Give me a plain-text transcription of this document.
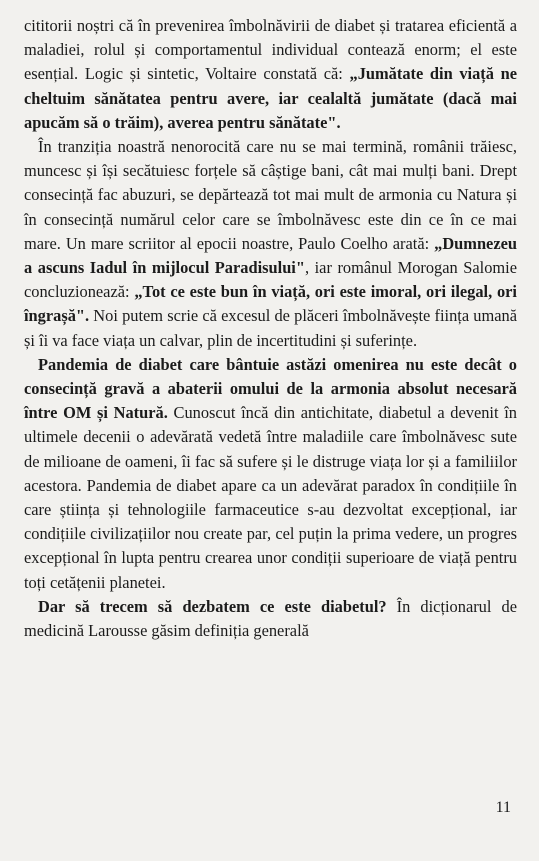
cititorii noștri că în prevenirea îmbolnăvirii de diabet și tratarea eficientă a maladiei, rolul și comportamentul individual contează enorm; el este esențial. Logic și sintetic, Voltaire constată că: „Jumătate din viață ne cheltuim sănătatea pentru avere, iar cealaltă jumătate (dacă mai apucăm să o trăim), averea pentru sănătate".

În tranziția noastră nenorocită care nu se mai termină, românii trăiesc, muncesc și își secătuiesc forțele să câștige bani, cât mai mulți bani. Drept consecință fac abuzuri, se depărtează tot mai mult de armonia cu Natura și în consecință numărul celor care se îmbolnăvesc este din ce în ce mai mare. Un mare scriitor al epocii noastre, Paulo Coelho arată: „Dumnezeu a ascuns Iadul în mijlocul Paradisului", iar românul Morogan Salomie concluzionează: „Tot ce este bun în viață, ori este imoral, ori ilegal, ori îngrașă". Noi putem scrie că excesul de plăceri îmbolnăvește ființa umană și îi va face viața un calvar, plin de incertitudini și suferințe.

Pandemia de diabet care bântuie astăzi omenirea nu este decât o consecință gravă a abaterii omului de la armonia absolut necesară între OM și Natură. Cunoscut încă din antichitate, diabetul a devenit în ultimele decenii o adevărată vedetă între maladiile care îmbolnăvesc sute de milioane de oameni, îi fac să sufere și le distruge viața lor și a familiilor acestora. Pandemia de diabet apare ca un adevărat paradox în condițiile în care știința și tehnologiile farmaceutice s-au dezvoltat excepțional, iar condițiile civilizațiilor nou create par, cel puțin la prima vedere, un progres excepțional în lupta pentru crearea unor condiții superioare de viață pentru toți cetățenii planetei.

Dar să trecem să dezbatem ce este diabetul? În dicționarul de medicină Larousse găsim definiția generală

11
